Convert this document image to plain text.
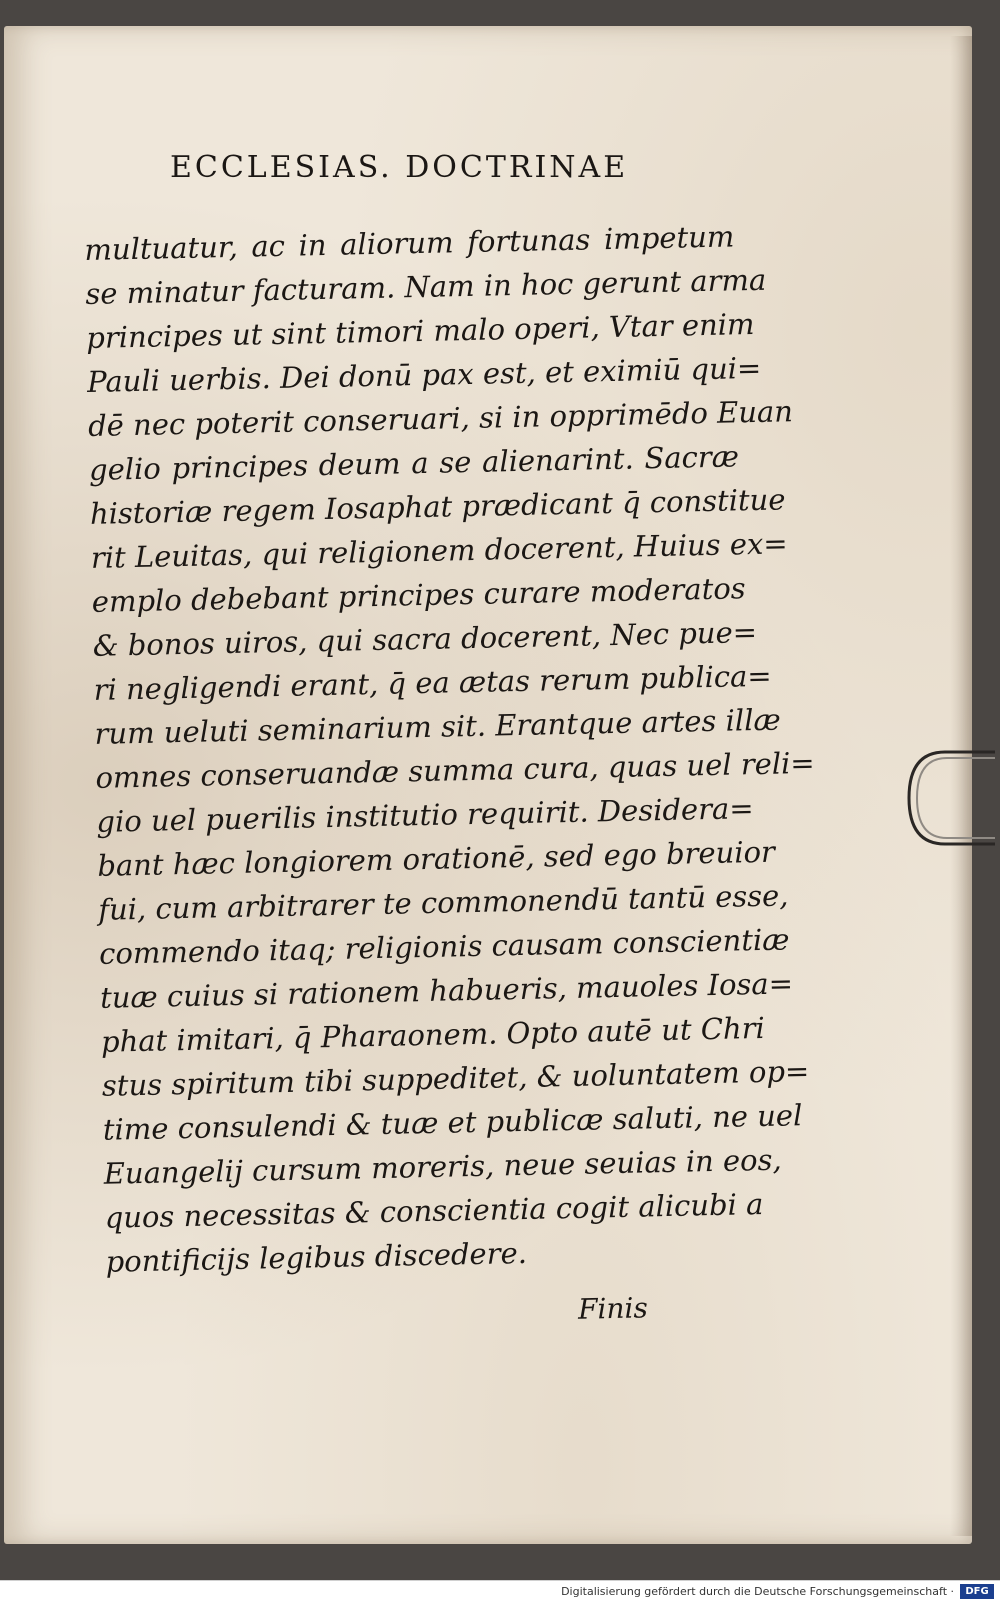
ECCLESIAS. DOCTRINAE
multuatur, ac in aliorum fortunas impetum
se minatur facturam. Nam in hoc gerunt arma
principes ut sint timori malo operi, Vtar enim
Pauli uerbis. Dei donū pax est, et eximiū qui=
dē nec poterit conseruari, si in opprimēdo Euan
gelio principes deum a se alienarint. Sacræ
historiæ regem Iosaphat prædicant q̄ constitue
rit Leuitas, qui religionem docerent, Huius ex=
emplo debebant principes curare moderatos
& bonos uiros, qui sacra docerent, Nec pue=
ri negligendi erant, q̄ ea ætas rerum publica=
rum ueluti seminarium sit. Erantque artes illæ
omnes conseruandæ summa cura, quas uel reli=
gio uel puerilis institutio requirit. Desidera=
bant hæc longiorem orationē, sed ego breuior
fui, cum arbitrarer te commonendū tantū esse,
commendo itaq; religionis causam conscientiæ
tuæ cuius si rationem habueris, mauoles Iosa=
phat imitari, q̄ Pharaonem. Opto autē ut Chri
stus spiritum tibi suppeditet, & uoluntatem op=
time consulendi & tuæ et publicæ saluti, ne uel
Euangelij cursum moreris, neue seuias in eos,
quos necessitas & conscientia cogit alicubi a
pontificijs legibus discedere.
Finis
Digitalisierung gefördert durch die Deutsche Forschungsgemeinschaft ·	DFG
